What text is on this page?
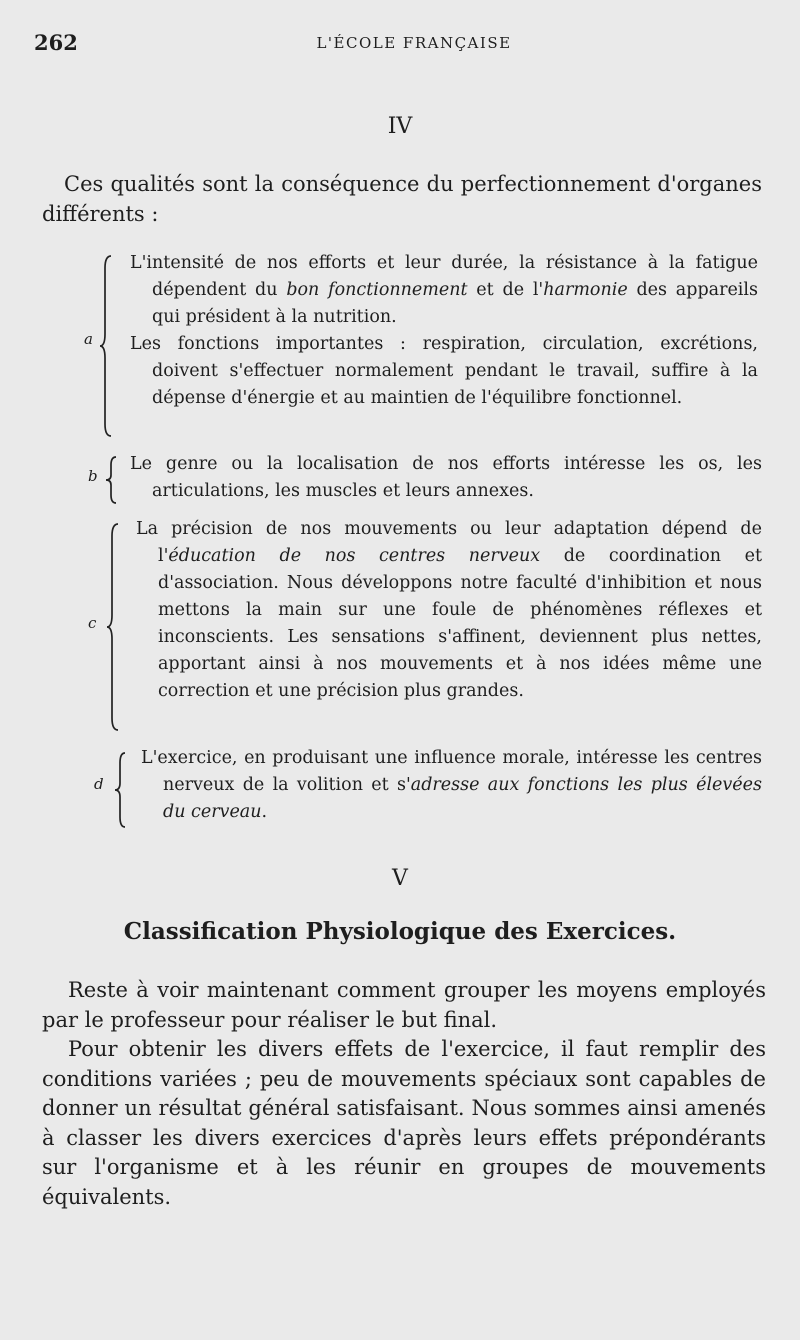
262	L'ÉCOLE FRANÇAISE
IV

Ces qualités sont la conséquence du perfectionnement d'organes différents :

a

L'intensité de nos efforts et leur durée, la résistance à la fatigue dépendent du bon fonctionnement et de l'harmonie des appareils qui président à la nutrition.

Les fonctions importantes : respiration, circulation, excrétions, doivent s'effectuer normalement pendant le travail, suffire à la dépense d'énergie et au maintien de l'équilibre fonctionnel.

b

Le genre ou la localisation de nos efforts intéresse les os, les articulations, les muscles et leurs annexes.

c

La précision de nos mouvements ou leur adaptation dépend de l'éducation de nos centres nerveux de coordination et d'association. Nous développons notre faculté d'inhibition et nous mettons la main sur une foule de phénomènes réflexes et inconscients. Les sensations s'affinent, deviennent plus nettes, apportant ainsi à nos mouvements et à nos idées même une correction et une précision plus grandes.

d

L'exercice, en produisant une influence morale, intéresse les centres nerveux de la volition et s'adresse aux fonctions les plus élevées du cerveau.

V
Classification Physiologique des Exercices.

Reste à voir maintenant comment grouper les moyens employés par le professeur pour réaliser le but final.

Pour obtenir les divers effets de l'exercice, il faut remplir des conditions variées ; peu de mouvements spéciaux sont capables de donner un résultat général satisfaisant. Nous sommes ainsi amenés à classer les divers exercices d'après leurs effets prépondérants sur l'organisme et à les réunir en groupes de mouvements équivalents.
